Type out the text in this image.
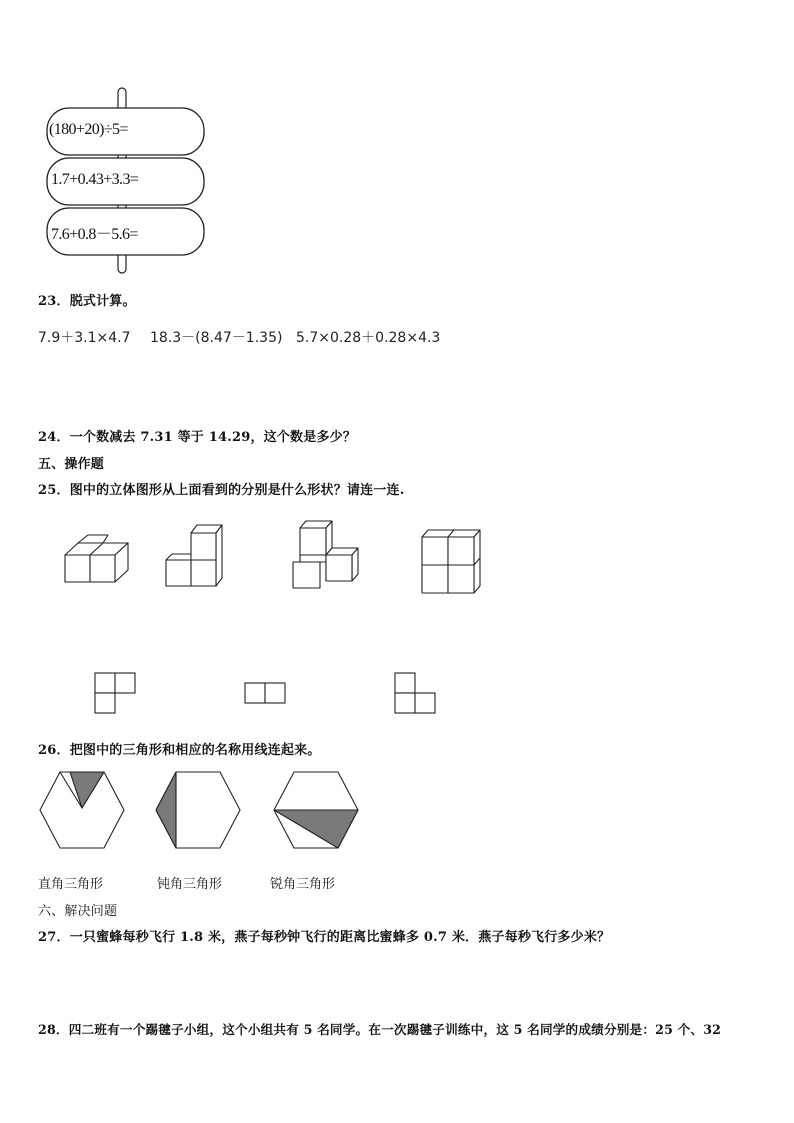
(180+20)÷5=
1.7+0.43+3.3=
7.6+0.8－5.6=
23．脱式计算。
7.9＋3.1×4.7 18.3－(8.47－1.35) 5.7×0.28＋0.28×4.3
24．一个数减去 7.31 等于 14.29，这个数是多少？
五、操作题
25．图中的立体图形从上面看到的分别是什么形状？请连一连.
26．把图中的三角形和相应的名称用线连起来。
直角三角形	钝角三角形	锐角三角形
六、解决问题
27．一只蜜蜂每秒飞行 1.8 米，燕子每秒钟飞行的距离比蜜蜂多 0.7 米．燕子每秒飞行多少米？
28．四二班有一个踢毽子小组，这个小组共有 5 名同学。在一次踢毽子训练中，这 5 名同学的成绩分别是：25 个、32
